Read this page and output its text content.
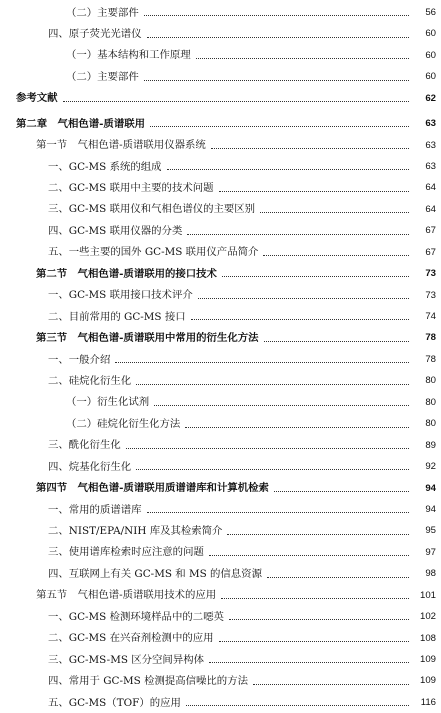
（二）主要部件	56
四、原子荧光光谱仪	60
（一）基本结构和工作原理	60
（二）主要部件	60
参考文献	62
第二章　气相色谱-质谱联用	63
第一节　气相色谱-质谱联用仪器系统	63
一、GC-MS 系统的组成	63
二、GC-MS 联用中主要的技术问题	64
三、GC-MS 联用仪和气相色谱仪的主要区别	64
四、GC-MS 联用仪器的分类	67
五、一些主要的国外 GC-MS 联用仪产品简介	67
第二节　气相色谱-质谱联用的接口技术	73
一、GC-MS 联用接口技术评介	73
二、目前常用的 GC-MS 接口	74
第三节　气相色谱-质谱联用中常用的衍生化方法	78
一、一般介绍	78
二、硅烷化衍生化	80
（一）衍生化试剂	80
（二）硅烷化衍生化方法	80
三、酰化衍生化	89
四、烷基化衍生化	92
第四节　气相色谱-质谱联用质谱谱库和计算机检索	94
一、常用的质谱谱库	94
二、NIST/EPA/NIH 库及其检索简介	95
三、使用谱库检索时应注意的问题	97
四、互联网上有关 GC-MS 和 MS 的信息资源	98
第五节　气相色谱-质谱联用技术的应用	101
一、GC-MS 检测环境样品中的二噁英	102
二、GC-MS 在兴奋剂检测中的应用	108
三、GC-MS-MS 区分空间异构体	109
四、常用于 GC-MS 检测提高信噪比的方法	109
五、GC-MS（TOF）的应用	116
